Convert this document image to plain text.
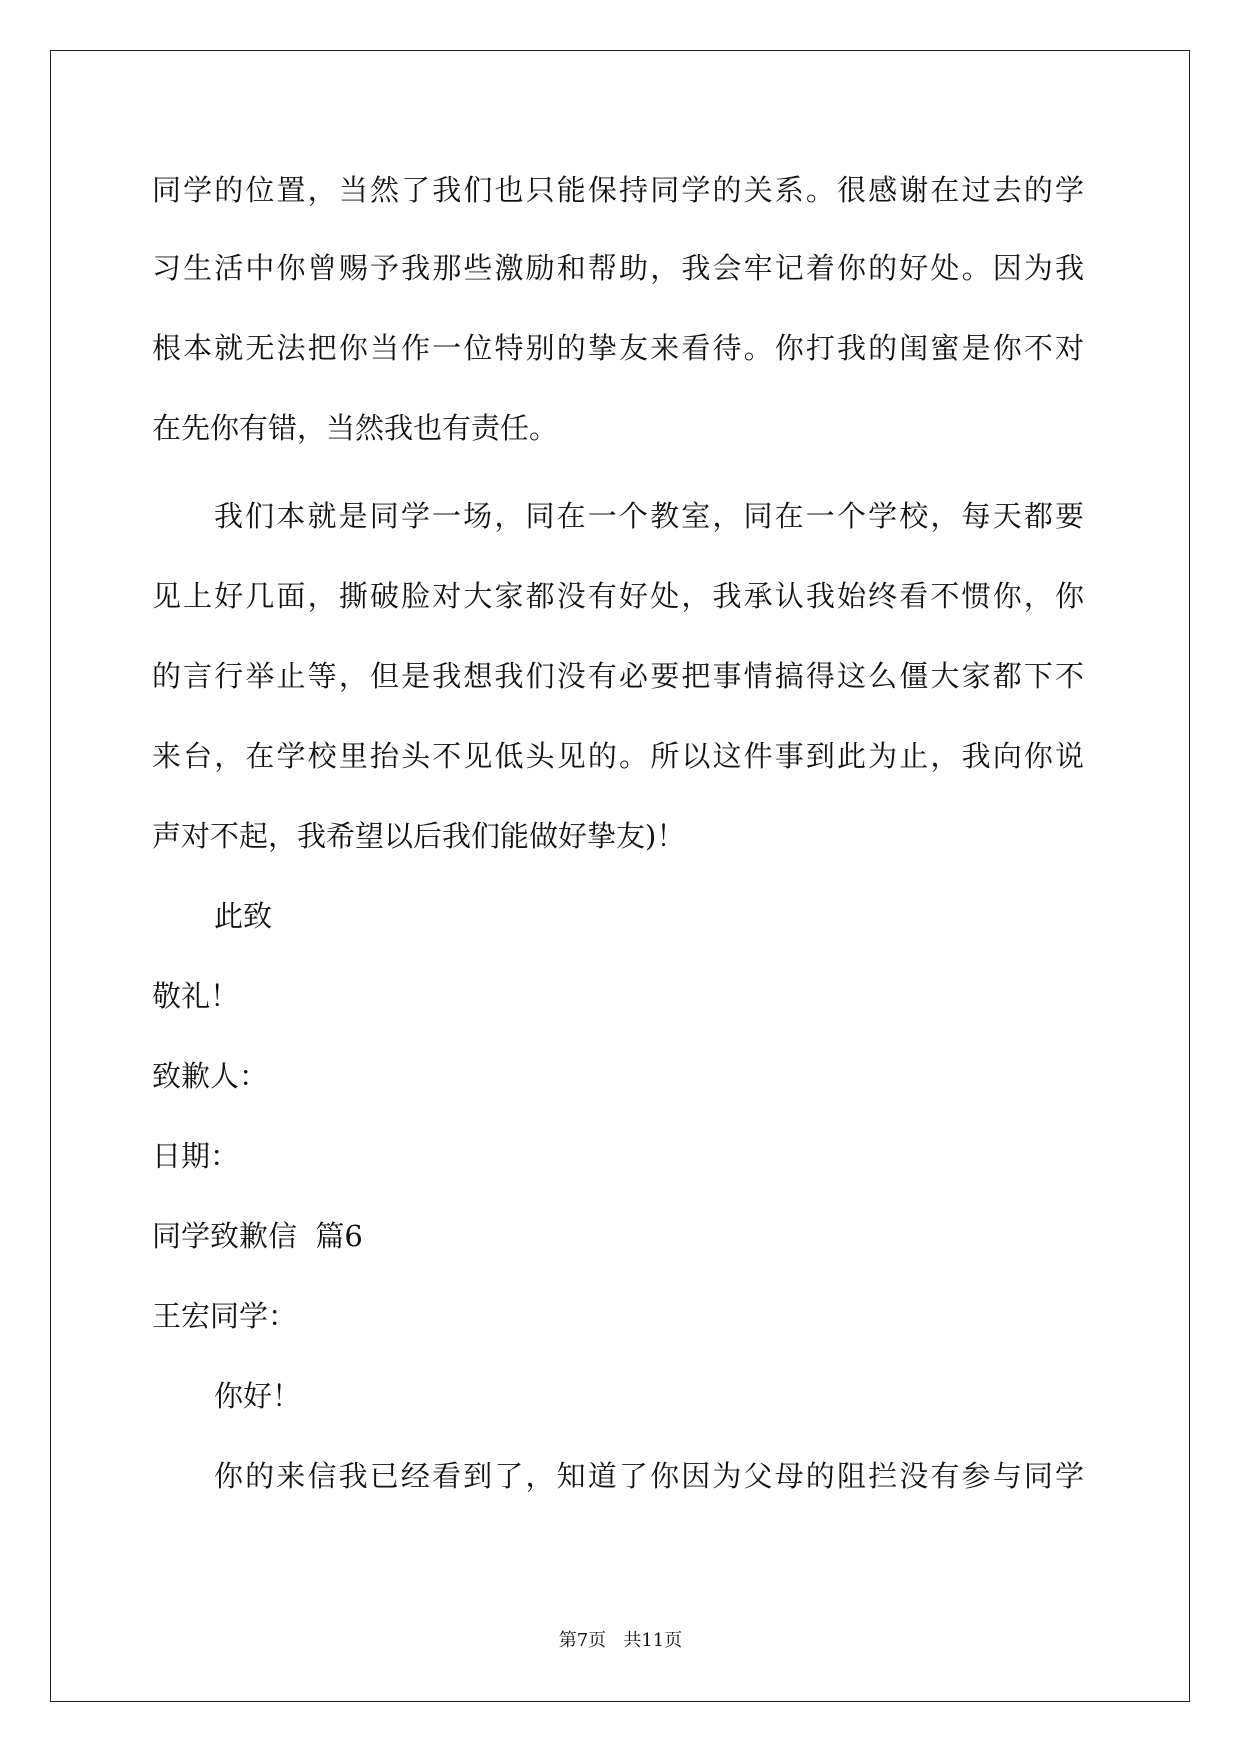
同学的位置，当然了我们也只能保持同学的关系。很感谢在过去的学
习生活中你曾赐予我那些激励和帮助，我会牢记着你的好处。因为我
根本就无法把你当作一位特别的挚友来看待。你打我的闺蜜是你不对
在先你有错，当然我也有责任。
我们本就是同学一场，同在一个教室，同在一个学校，每天都要
见上好几面，撕破脸对大家都没有好处，我承认我始终看不惯你，你
的言行举止等，但是我想我们没有必要把事情搞得这么僵大家都下不
来台，在学校里抬头不见低头见的。所以这件事到此为止，我向你说
声对不起，我希望以后我们能做好挚友)！
此致
敬礼！
致歉人：
日期：
同学致歉信  篇6
王宏同学：
你好！
你的来信我已经看到了，知道了你因为父母的阻拦没有参与同学
第7页   共11页
